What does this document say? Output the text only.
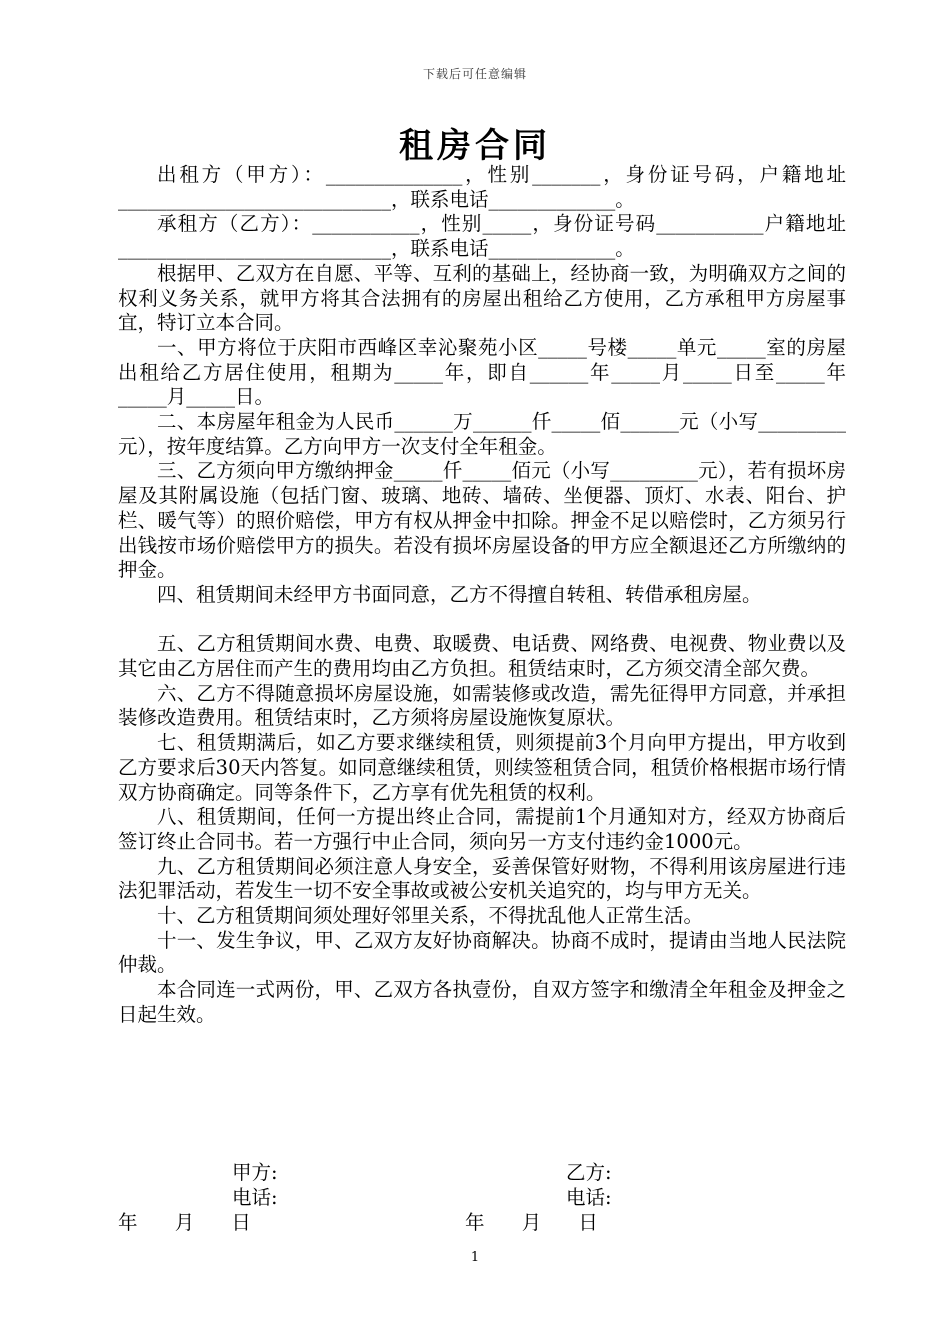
下载后可任意编辑
租房合同

出租方（甲方）：______________，性别_______，身份证号码，户籍地址____________________________，联系电话_____________。

承租方（乙方）：___________，性别_____，身份证号码___________户籍地址____________________________，联系电话_____________。

根据甲、乙双方在自愿、平等、互利的基础上，经协商一致，为明确双方之间的权利义务关系，就甲方将其合法拥有的房屋出租给乙方使用，乙方承租甲方房屋事宜，特订立本合同。

一、甲方将位于庆阳市西峰区幸沁聚苑小区_____号楼_____单元_____室的房屋出租给乙方居住使用，租期为_____年，即自______年_____月_____日至_____年_____月_____日。

二、本房屋年租金为人民币______万______仟_____佰______元（小写_________元），按年度结算。乙方向甲方一次支付全年租金。

三、乙方须向甲方缴纳押金_____仟_____佰元（小写_________元），若有损坏房屋及其附属设施（包括门窗、玻璃、地砖、墙砖、坐便器、顶灯、水表、阳台、护栏、暖气等）的照价赔偿，甲方有权从押金中扣除。押金不足以赔偿时，乙方须另行出钱按市场价赔偿甲方的损失。若没有损坏房屋设备的甲方应全额退还乙方所缴纳的押金。

四、租赁期间未经甲方书面同意，乙方不得擅自转租、转借承租房屋。

五、乙方租赁期间水费、电费、取暖费、电话费、网络费、电视费、物业费以及其它由乙方居住而产生的费用均由乙方负担。租赁结束时，乙方须交清全部欠费。

六、乙方不得随意损坏房屋设施，如需装修或改造，需先征得甲方同意，并承担装修改造费用。租赁结束时，乙方须将房屋设施恢复原状。

七、租赁期满后，如乙方要求继续租赁，则须提前3个月向甲方提出，甲方收到乙方要求后30天内答复。如同意继续租赁，则续签租赁合同，租赁价格根据市场行情双方协商确定。同等条件下，乙方享有优先租赁的权利。

八、租赁期间，任何一方提出终止合同，需提前1个月通知对方，经双方协商后签订终止合同书。若一方强行中止合同，须向另一方支付违约金1000元。

九、乙方租赁期间必须注意人身安全，妥善保管好财物，不得利用该房屋进行违法犯罪活动，若发生一切不安全事故或被公安机关追究的，均与甲方无关。

十、乙方租赁期间须处理好邻里关系，不得扰乱他人正常生活。

十一、发生争议，甲、乙双方友好协商解决。协商不成时，提请由当地人民法院仲裁。

本合同连一式两份，甲、乙双方各执壹份，自双方签字和缴清全年租金及押金之日起生效。

甲方:
电话:
乙方:
电话:
年      月      日	年      月      日
1
